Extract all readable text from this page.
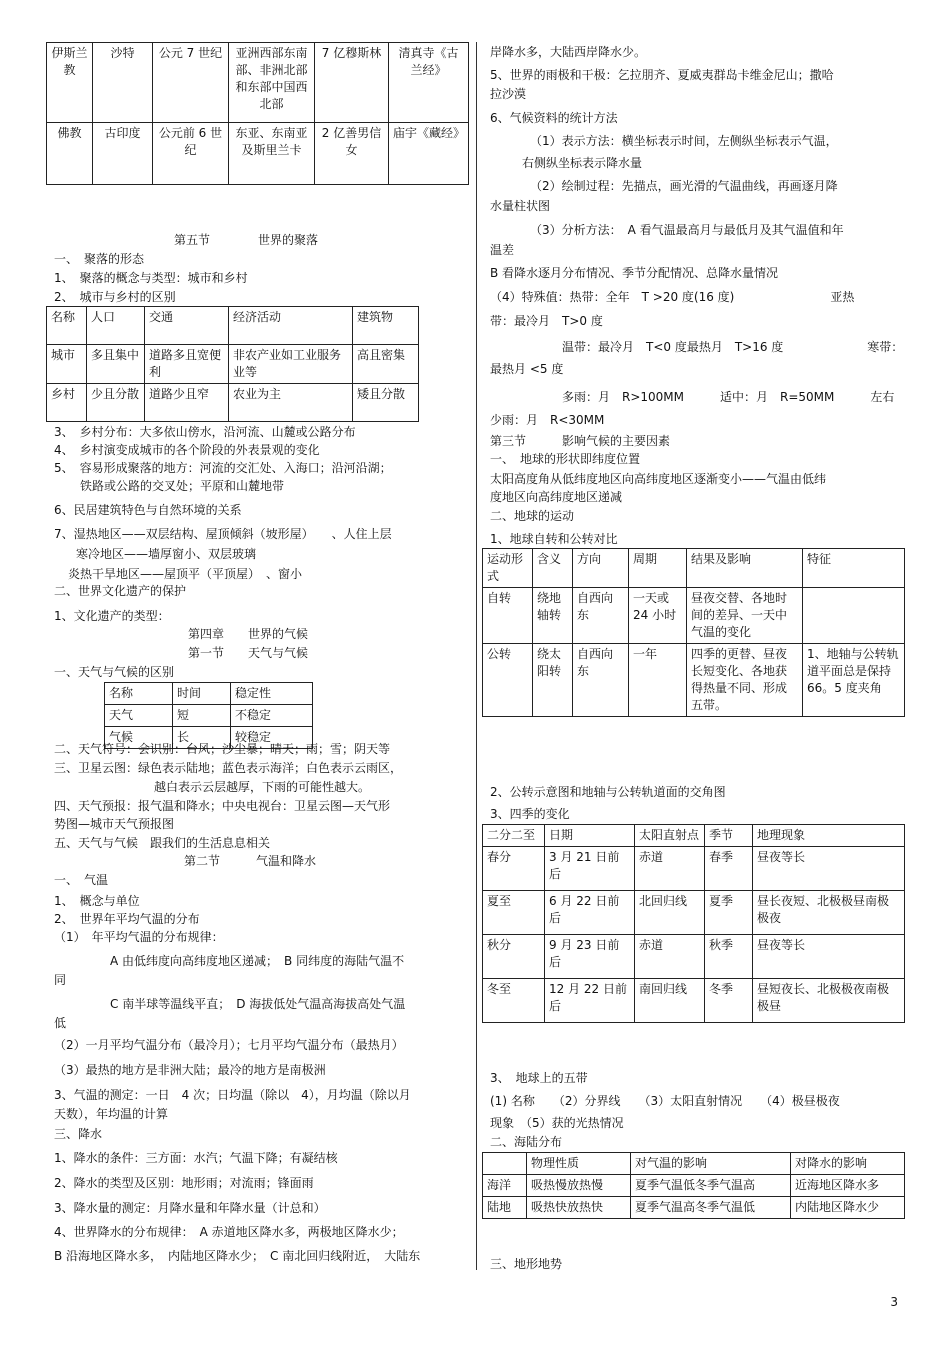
伊斯兰教	沙特	公元 7 世纪	亚洲西部东南部、非洲北部和东部中国西北部	7 亿穆斯林	清真寺《古兰经》
佛教	古印度	公元前 6 世纪	东亚、东南亚及斯里兰卡	2 亿善男信女	庙宇《藏经》
第五节　　　　世界的聚落
一、　聚落的形态
1、　聚落的概念与类型：城市和乡村
2、　城市与乡村的区别
名称	人口	交通	经济活动	建筑物
城市	多且集中	道路多且宽便利	非农产业如工业服务业等	高且密集
乡村	少且分散	道路少且窄	农业为主	矮且分散
3、　乡村分布：大多依山傍水，沿河流、山麓或公路分布
4、　乡村演变成城市的各个阶段的外表景观的变化
5、　容易形成聚落的地方：河流的交汇处、入海口；沿河沿湖；
铁路或公路的交叉处；平原和山麓地带
6、民居建筑特色与自然环境的关系
7、湿热地区——双层结构、屋顶倾斜（坡形屋）　　、人住上层
寒冷地区——墙厚窗小、双层玻璃
炎热干旱地区——屋顶平（平顶屋）　、窗小
二、世界文化遗产的保护
1、文化遗产的类型：
第四章　　世界的气候
第一节　　天气与气候
一、天气与气候的区别
名称	时间	稳定性
天气	短	不稳定
气候	长	较稳定
二、天气符号：会识别：台风；沙尘暴；晴天；雨；雪；阴天等
三、卫星云图：绿色表示陆地；蓝色表示海洋；白色表示云雨区，
越白表示云层越厚，下雨的可能性越大。
四、天气预报：报气温和降水；中央电视台：卫星云图—天气形
势图—城市天气预报图
五、天气与气候　跟我们的生活息息相关
第二节　　　气温和降水
一、　气温
1、　概念与单位
2、　世界年平均气温的分布
（1）　年平均气温的分布规律：
A 由低纬度向高纬度地区递减；　B 同纬度的海陆气温不
同
C 南半球等温线平直；　D 海拔低处气温高海拔高处气温
低
（2）一月平均气温分布（最冷月）；七月平均气温分布（最热月）
（3）最热的地方是非洲大陆；最冷的地方是南极洲
3、气温的测定：一日　4 次；日均温（除以　4），月均温（除以月
天数），年均温的计算
三、降水
1、降水的条件：三方面：水汽；气温下降；有凝结核
2、降水的类型及区别：地形雨；对流雨；锋面雨
3、降水量的测定：月降水量和年降水量（计总和）
4、世界降水的分布规律：　A 赤道地区降水多，两极地区降水少；
B 沿海地区降水多，　内陆地区降水少；　C 南北回归线附近，　大陆东
岸降水多，大陆西岸降水少。
5、世界的雨极和干极：乞拉朋齐、夏威夷群岛卡维金尼山；撒哈
拉沙漠
6、气候资料的统计方法
（1）表示方法：横坐标表示时间，左侧纵坐标表示气温，
右侧纵坐标表示降水量
（2）绘制过程：先描点，画光滑的气温曲线，再画逐月降
水量柱状图
（3）分析方法：　A 看气温最高月与最低月及其气温值和年
温差
B 看降水逐月分布情况、季节分配情况、总降水量情况
（4）特殊值：热带：全年　T >20 度(16 度)　　　　　　　　亚热
带：最冷月　T>0 度
温带：最冷月　T<0 度最热月　T>16 度　　　　　　　寒带：
最热月 <5 度
多雨：月　R>100MM　　　适中：月　R=50MM　　　左右
少雨：月　R<30MM
第三节　　　影响气候的主要因素
一、　地球的形状即纬度位置
太阳高度角从低纬度地区向高纬度地区逐渐变小——气温由低纬
度地区向高纬度地区递减
二、地球的运动
1、地球自转和公转对比
运动形式	含义	方向	周期	结果及影响	特征
自转	绕地轴转	自西向东	一天或 24 小时	昼夜交替、各地时间的差异、一天中气温的变化	
公转	绕太阳转	自西向东	一年	四季的更替、昼夜长短变化、各地获得热量不同、形成五带。	1、地轴与公转轨道平面总是保持 66。5 度夹角
2、公转示意图和地轴与公转轨道面的交角图
3、四季的变化
二分二至	日期	太阳直射点	季节	地理现象
春分	3 月 21 日前后	赤道	春季	昼夜等长
夏至	6 月 22 日前后	北回归线	夏季	昼长夜短、北极极昼南极极夜
秋分	9 月 23 日前后	赤道	秋季	昼夜等长
冬至	12 月 22 日前后	南回归线	冬季	昼短夜长、北极极夜南极极昼
3、　地球上的五带
(1) 名称　　（2）分界线　　（3）太阳直射情况　　（4）极昼极夜
现象　（5）获的光热情况
二、海陆分布
	物理性质	对气温的影响	对降水的影响
海洋	吸热慢放热慢	夏季气温低冬季气温高	近海地区降水多
陆地	吸热快放热快	夏季气温高冬季气温低	内陆地区降水少
三、地形地势
3
